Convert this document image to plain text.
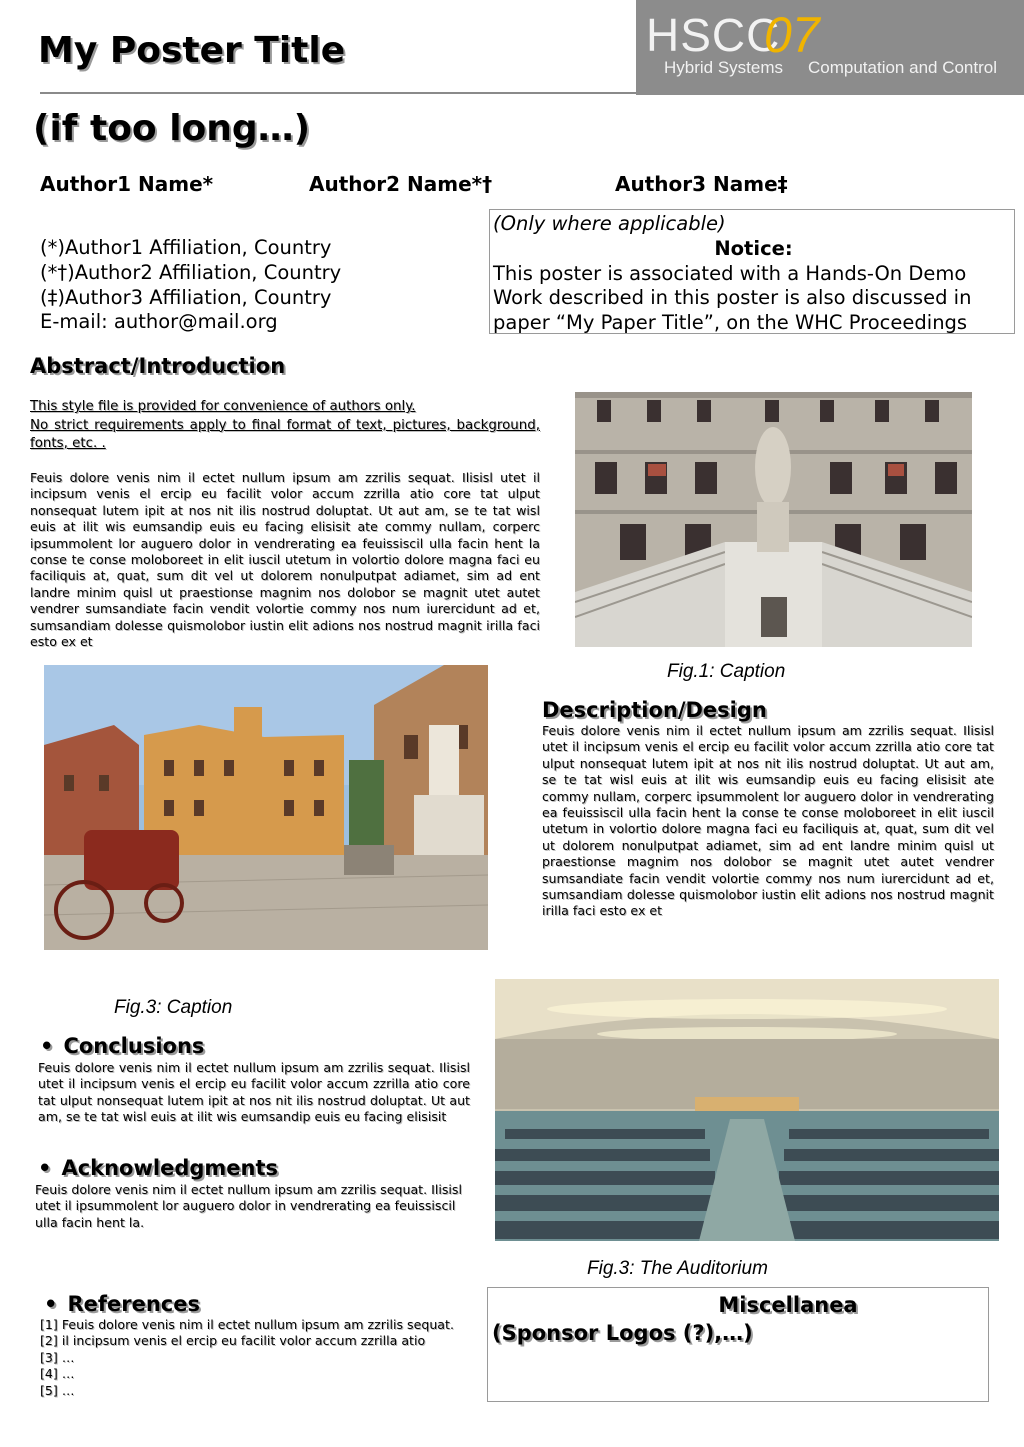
My Poster Title
(if too long…)
HSCC
07
Hybrid Systems Computation and Control
Author1 Name*	Author2 Name*†	Author3 Name‡
(*)Author1 Affiliation, Country
(*†)Author2 Affiliation, Country
(‡)Author3 Affiliation, Country
E-mail: author@mail.org
(Only where applicable)
Notice:
This poster is associated with a Hands-On Demo
Work described in this poster is also discussed in
paper “My Paper Title”, on the WHC Proceedings
Abstract/Introduction
This style file is provided for convenience of authors only.
No strict requirements apply to final format of text, pictures, background, fonts, etc. .
Feuis dolore venis nim il ectet nullum ipsum am zzrilis sequat. Ilisisl utet il incipsum venis el ercip eu facilit volor accum zzrilla atio core tat ulput nonsequat lutem ipit at nos nit ilis nostrud doluptat. Ut aut am, se te tat wisl euis at ilit wis eumsandip euis eu facing elisisit ate commy nullam, corperc ipsummolent lor auguero dolor in vendrerating ea feuissiscil ulla facin hent la conse te conse moloboreet in elit iuscil utetum in volortio dolore magna faci eu faciliquis at, quat, sum dit vel ut dolorem nonulputpat adiamet, sim ad ent landre minim quisl ut praestionse magnim nos dolobor se magnit utet autet vendrer sumsandiate facin vendit volortie commy nos num iurercidunt ad et, sumsandiam dolesse quismolobor iustin elit adions nos nostrud magnit irilla faci esto ex et
Fig.1: Caption
Description/Design
Feuis dolore venis nim il ectet nullum ipsum am zzrilis sequat. Ilisisl utet il incipsum venis el ercip eu facilit volor accum zzrilla atio core tat ulput nonsequat lutem ipit at nos nit ilis nostrud doluptat. Ut aut am, se te tat wisl euis at ilit wis eumsandip euis eu facing elisisit ate commy nullam, corperc ipsummolent lor auguero dolor in vendrerating ea feuissiscil ulla facin hent la conse te conse moloboreet in elit iuscil utetum in volortio dolore magna faci eu faciliquis at, quat, sum dit vel ut dolorem nonulputpat adiamet, sim ad ent landre minim quisl ut praestionse magnim nos dolobor se magnit utet autet vendrer sumsandiate facin vendit volortie commy nos num iurercidunt ad et, sumsandiam dolesse quismolobor iustin elit adions nos nostrud magnit irilla faci esto ex et
Fig.3: Caption
• Conclusions
Feuis dolore venis nim il ectet nullum ipsum am zzrilis sequat. Ilisisl utet il incipsum venis el ercip eu facilit volor accum zzrilla atio core tat ulput nonsequat lutem ipit at nos nit ilis nostrud doluptat. Ut aut am, se te tat wisl euis at ilit wis eumsandip euis eu facing elisisit
• Acknowledgments
Feuis dolore venis nim il ectet nullum ipsum am zzrilis sequat. Ilisisl utet il ipsummolent lor auguero dolor in vendrerating ea feuissiscil ulla facin hent la.
Fig.3: The Auditorium
• References
[1] Feuis dolore venis nim il ectet nullum ipsum am zzrilis sequat.
[2] il incipsum venis el ercip eu facilit volor accum zzrilla atio
[3] …
[4] …
[5] …
Miscellanea
(Sponsor Logos (?),…)
